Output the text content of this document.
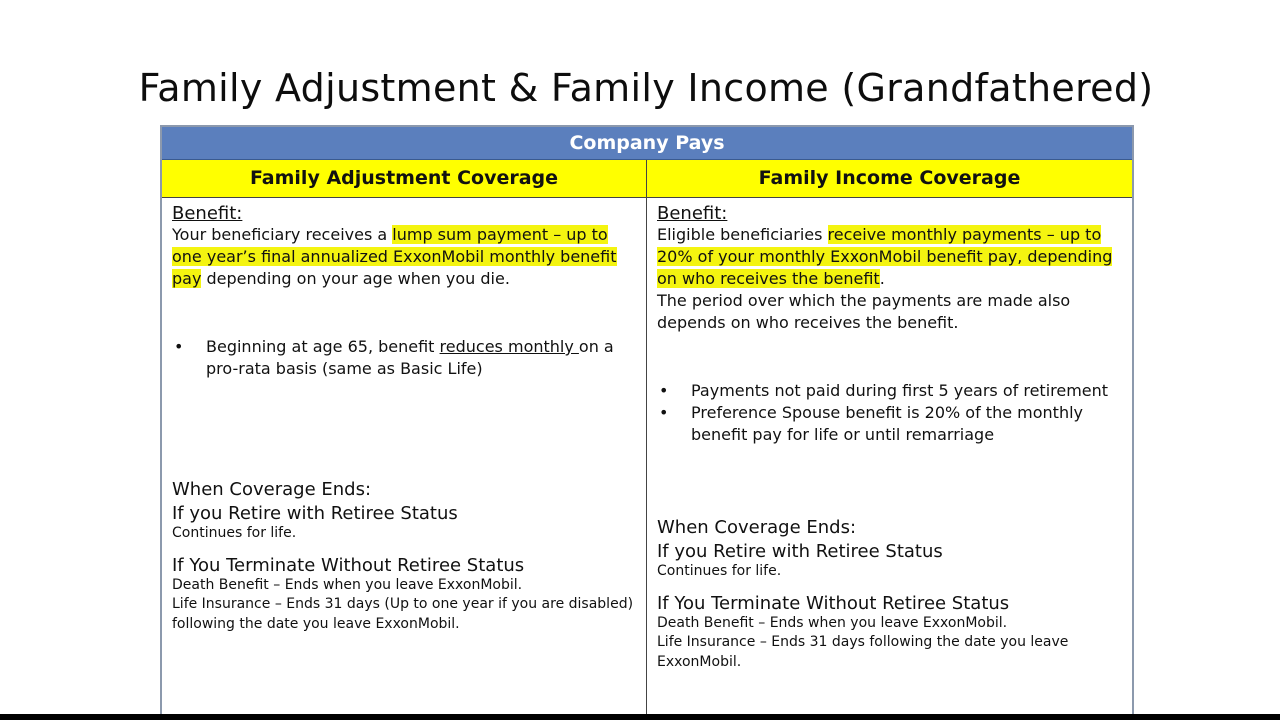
Family Adjustment & Family Income (Grandfathered)
Company Pays
Family Adjustment Coverage	Family Income Coverage
Benefit:
Your beneficiary receives a lump sum payment – up to one year’s final annualized ExxonMobil monthly benefit pay depending on your age when you die.
• Beginning at age 65, benefit reduces monthly on a pro-rata basis (same as Basic Life)
When Coverage Ends:
If you Retire with Retiree Status
Continues for life.
If You Terminate Without Retiree Status
Death Benefit – Ends when you leave ExxonMobil.
Life Insurance – Ends 31 days (Up to one year if you are disabled) following the date you leave ExxonMobil.
Benefit:
Eligible beneficiaries receive monthly payments – up to 20% of your monthly ExxonMobil benefit pay, depending on who receives the benefit.
The period over which the payments are made also depends on who receives the benefit.
• Payments not paid during first 5 years of retirement
• Preference Spouse benefit is 20% of the monthly benefit pay for life or until remarriage
When Coverage Ends:
If you Retire with Retiree Status
Continues for life.
If You Terminate Without Retiree Status
Death Benefit – Ends when you leave ExxonMobil.
Life Insurance – Ends 31 days following the date you leave ExxonMobil.
